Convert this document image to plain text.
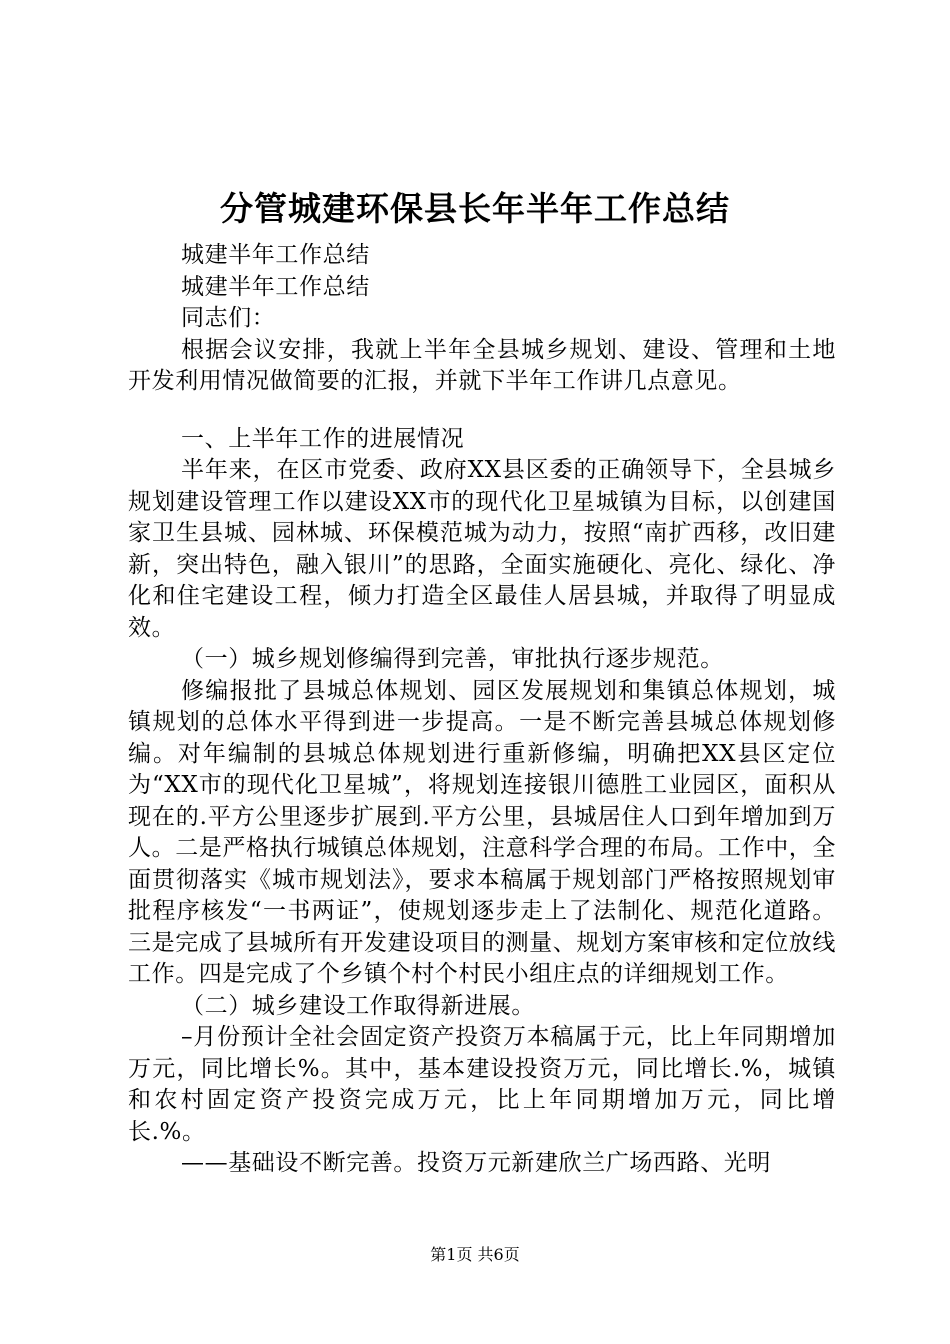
分管城建环保县长年半年工作总结

城建半年工作总结

城建半年工作总结

同志们：

根据会议安排，我就上半年全县城乡规划、建设、管理和土地开发利用情况做简要的汇报，并就下半年工作讲几点意见。

一、上半年工作的进展情况

半年来，在区市党委、政府XX县区委的正确领导下，全县城乡规划建设管理工作以建设XX市的现代化卫星城镇为目标，以创建国家卫生县城、园林城、环保模范城为动力，按照“南扩西移，改旧建新，突出特色，融入银川”的思路，全面实施硬化、亮化、绿化、净化和住宅建设工程，倾力打造全区最佳人居县城，并取得了明显成效。

（一）城乡规划修编得到完善，审批执行逐步规范。

修编报批了县城总体规划、园区发展规划和集镇总体规划，城镇规划的总体水平得到进一步提高。一是不断完善县城总体规划修编。对年编制的县城总体规划进行重新修编，明确把XX县区定位为“XX市的现代化卫星城”，将规划连接银川德胜工业园区，面积从现在的.平方公里逐步扩展到.平方公里，县城居住人口到年增加到万人。二是严格执行城镇总体规划，注意科学合理的布局。工作中，全面贯彻落实《城市规划法》，要求本稿属于规划部门严格按照规划审批程序核发“一书两证”，使规划逐步走上了法制化、规范化道路。三是完成了县城所有开发建设项目的测量、规划方案审核和定位放线工作。四是完成了个乡镇个村个村民小组庄点的详细规划工作。

（二）城乡建设工作取得新进展。

–月份预计全社会固定资产投资万本稿属于元，比上年同期增加万元，同比增长%。其中，基本建设投资万元，同比增长.%，城镇和农村固定资产投资完成万元，比上年同期增加万元，同比增长.%。

——基础设不断完善。投资万元新建欣兰广场西路、光明

第1页 共6页
